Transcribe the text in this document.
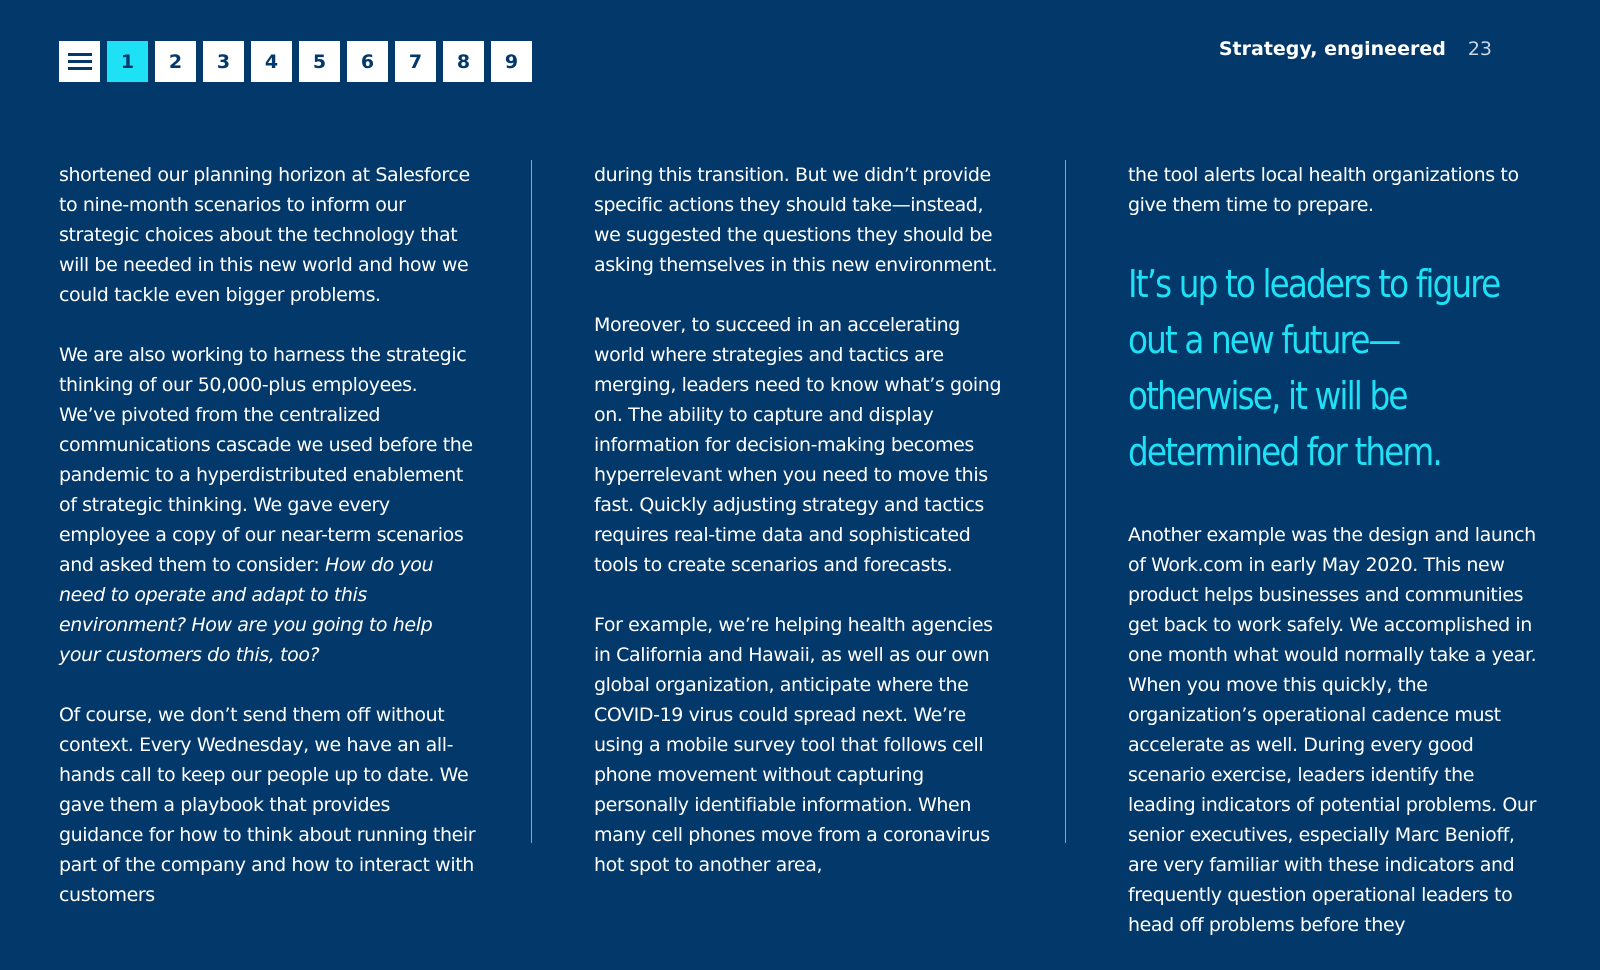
1	2	3	4	5	6	7	8	9
Strategy, engineered 23

shortened our planning horizon at Salesforce to nine-month scenarios to inform our strategic choices about the technology that will be needed in this new world and how we could tackle even bigger problems.

We are also working to harness the strategic thinking of our 50,000-plus employees. We’ve pivoted from the centralized communications cascade we used before the pandemic to a hyperdistributed enablement of strategic thinking. We gave every employee a copy of our near-term scenarios and asked them to consider: How do you need to operate and adapt to this environment? How are you going to help your customers do this, too?

Of course, we don’t send them off without context. Every Wednesday, we have an all-hands call to keep our people up to date. We gave them a playbook that provides guidance for how to think about running their part of the company and how to interact with customers

during this transition. But we didn’t provide specific actions they should take—instead, we suggested the questions they should be asking themselves in this new environment.

Moreover, to succeed in an accelerating world where strategies and tactics are merging, leaders need to know what’s going on. The ability to capture and display information for decision-making becomes hyperrelevant when you need to move this fast. Quickly adjusting strategy and tactics requires real-time data and sophisticated tools to create scenarios and forecasts.

For example, we’re helping health agencies in California and Hawaii, as well as our own global organization, anticipate where the COVID-19 virus could spread next. We’re using a mobile survey tool that follows cell phone movement without capturing personally identifiable information. When many cell phones move from a coronavirus hot spot to another area,

the tool alerts local health organizations to give them time to prepare.

It’s up to leaders to figure out a new future—otherwise, it will be determined for them.

Another example was the design and launch of Work.com in early May 2020. This new product helps businesses and communities get back to work safely. We accomplished in one month what would normally take a year. When you move this quickly, the organization’s operational cadence must accelerate as well. During every good scenario exercise, leaders identify the leading indicators of potential problems. Our senior executives, especially Marc Benioff, are very familiar with these indicators and frequently question operational leaders to head off problems before they
